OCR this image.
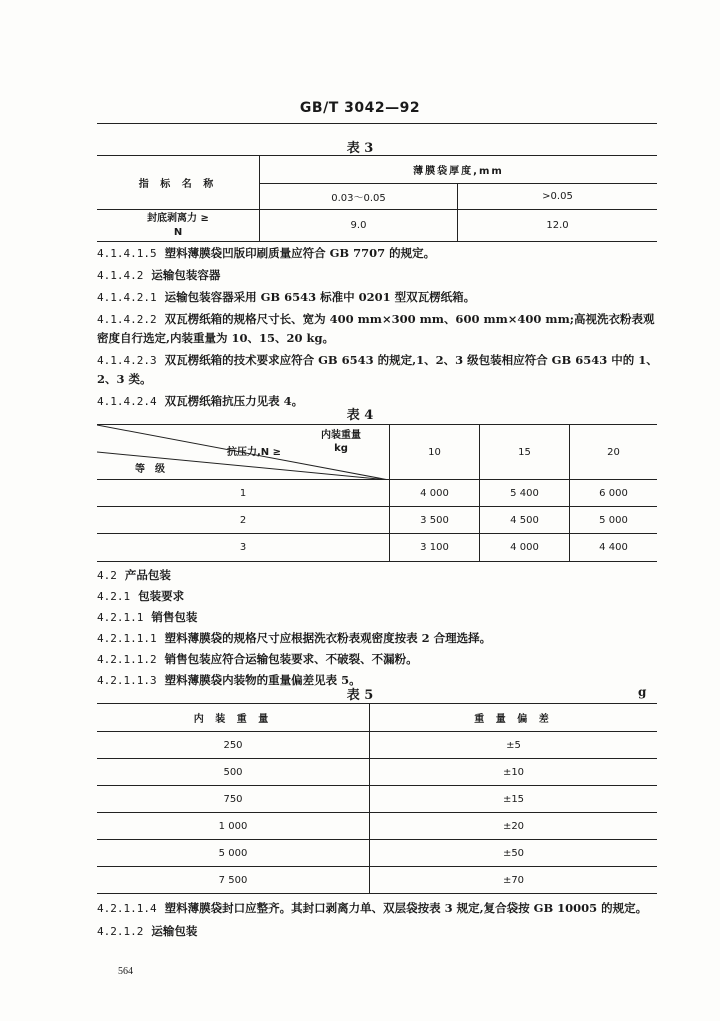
GB/T 3042—92
表 3
指 标 名 称	薄膜袋厚度,mm	
	0.03～0.05	>0.05

封底剥离力 ≥
N	9.0	12.0
4.1.4.1.5 塑料薄膜袋凹版印刷质量应符合 GB 7707 的规定。
4.1.4.2 运输包装容器
4.1.4.2.1 运输包装容器采用 GB 6543 标准中 0201 型双瓦楞纸箱。
4.1.4.2.2 双瓦楞纸箱的规格尺寸长、宽为 400 mm×300 mm、600 mm×400 mm;高视洗衣粉表观密度自行选定,内装重量为 10、15、20 kg。
4.1.4.2.3 双瓦楞纸箱的技术要求应符合 GB 6543 的规定,1、2、3 级包装相应符合 GB 6543 中的 1、2、3 类。
4.1.4.2.4 双瓦楞纸箱抗压力见表 4。
表 4
内装重量
kg
抗压力,N ≥
等级	10	15	20
1	4 000	5 400	6 000
2	3 500	4 500	5 000
3	3 100	4 000	4 400
4.2 产品包装
4.2.1 包装要求
4.2.1.1 销售包装
4.2.1.1.1 塑料薄膜袋的规格尺寸应根据洗衣粉表观密度按表 2 合理选择。
4.2.1.1.2 销售包装应符合运输包装要求、不破裂、不漏粉。
4.2.1.1.3 塑料薄膜袋内装物的重量偏差见表 5。
表 5	g
内 装 重 量	重 量 偏 差
250	±5
500	±10
750	±15
1 000	±20
5 000	±50
7 500	±70
4.2.1.1.4 塑料薄膜袋封口应整齐。其封口剥离力单、双层袋按表 3 规定,复合袋按 GB 10005 的规定。
4.2.1.2 运输包装
564
